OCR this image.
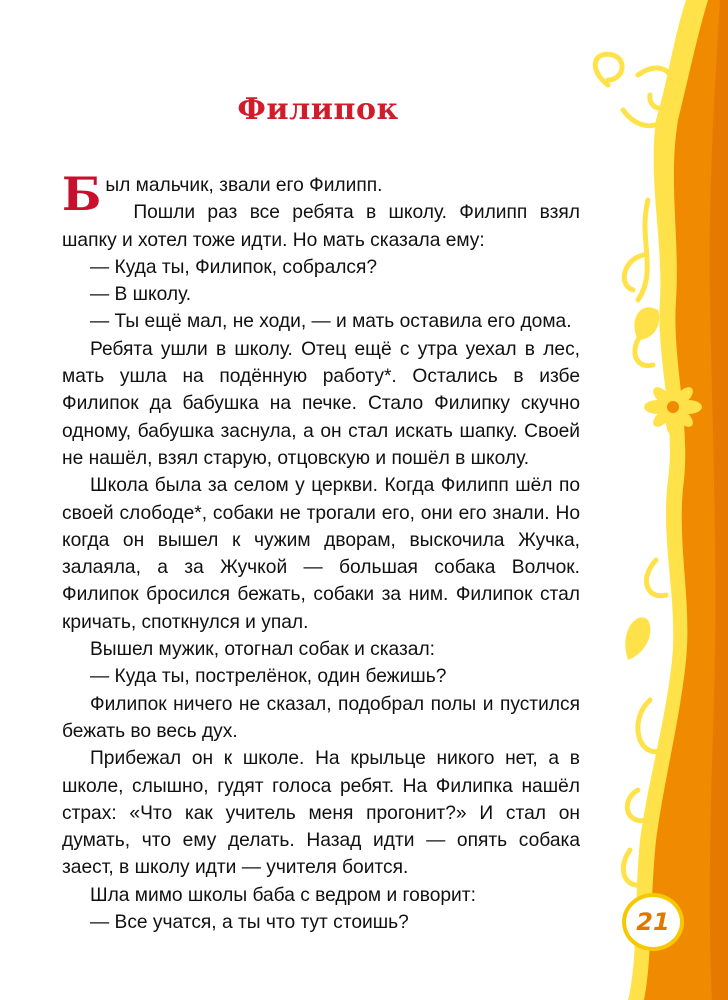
Филипок

Был мальчик, звали его Филипп.

Пошли раз все ребята в школу. Филипп взял шапку и хотел тоже идти. Но мать сказала ему:

— Куда ты, Филипок, собрался?

— В школу.

— Ты ещё мал, не ходи, — и мать оставила его дома.

Ребята ушли в школу. Отец ещё с утра уехал в лес, мать ушла на подённую работу*. Остались в избе Филипок да бабушка на печке. Стало Филипку скучно одному, бабушка заснула, а он стал искать шапку. Своей не нашёл, взял старую, отцовскую и пошёл в школу.

Школа была за селом у церкви. Когда Филипп шёл по своей слободе*, собаки не трогали его, они его знали. Но когда он вышел к чужим дворам, выскочила Жучка, залаяла, а за Жучкой — большая собака Волчок. Филипок бросился бежать, собаки за ним. Филипок стал кричать, споткнулся и упал.

Вышел мужик, отогнал собак и сказал:

— Куда ты, пострелёнок, один бежишь?

Филипок ничего не сказал, подобрал полы и пустился бежать во весь дух.

Прибежал он к школе. На крыльце никого нет, а в школе, слышно, гудят голоса ребят. На Филипка нашёл страх: «Что как учитель меня прогонит?» И стал он думать, что ему делать. Назад идти — опять собака заест, в школу идти — учителя боится.

Шла мимо школы баба с ведром и говорит:

— Все учатся, а ты что тут стоишь?	21
